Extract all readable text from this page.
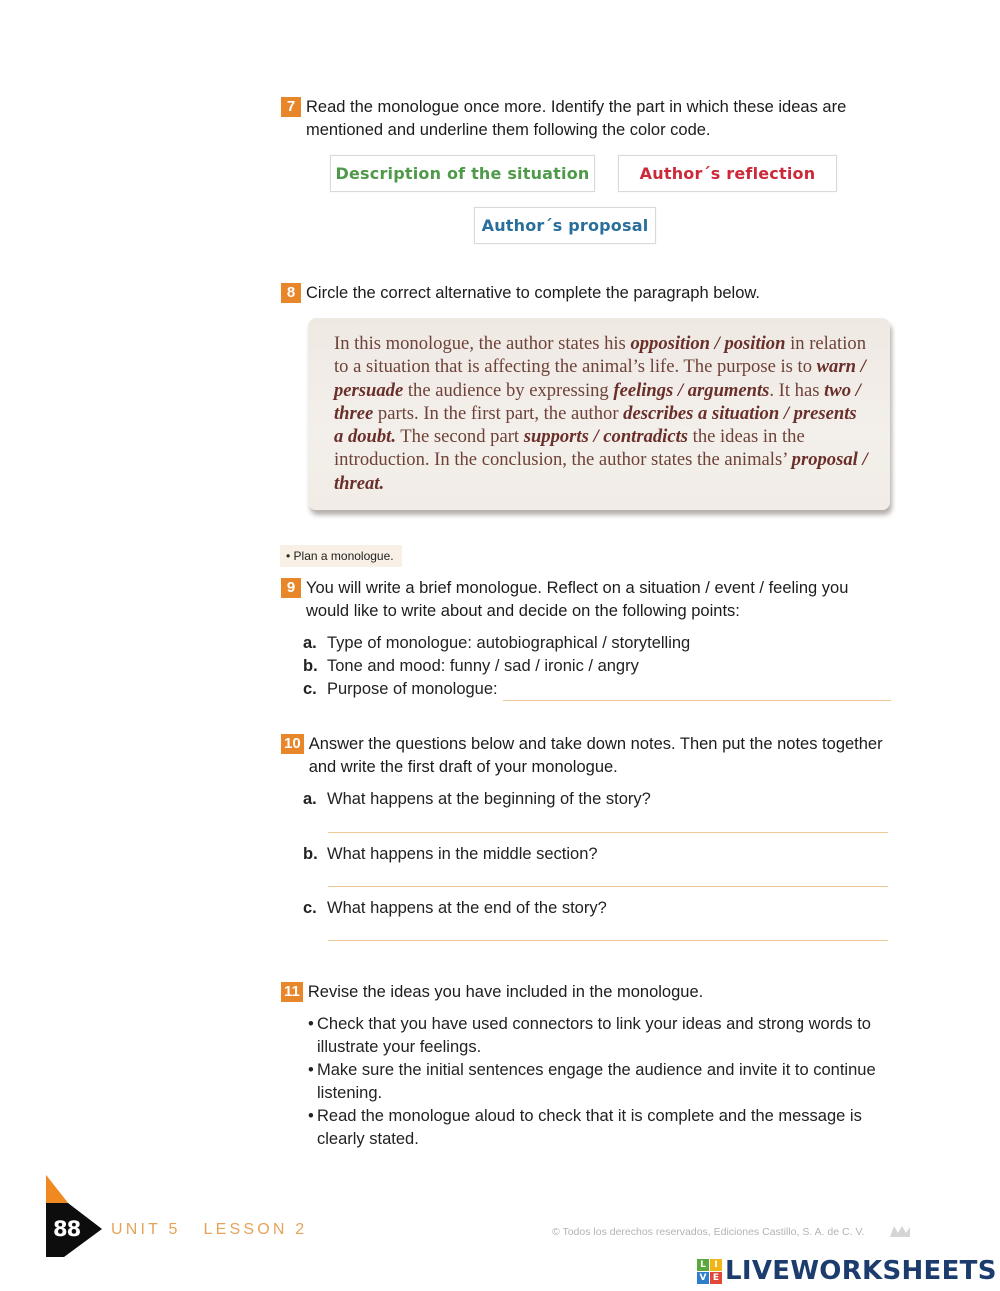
7 Read the monologue once more. Identify the part in which these ideas are mentioned and underline them following the color code.
Description of the situation	Author´s reflection
Author´s proposal
8 Circle the correct alternative to complete the paragraph below.
In this monologue, the author states his opposition / position in relation to a situation that is affecting the animal’s life. The purpose is to warn / persuade the audience by expressing feelings / arguments. It has two / three parts. In the first part, the author describes a situation / presents a doubt. The second part supports / contradicts the ideas in the introduction. In the conclusion, the author states the animals’ proposal / threat.
• Plan a monologue.
9 You will write a brief monologue. Reflect on a situation / event / feeling you would like to write about and decide on the following points:
a. Type of monologue: autobiographical / storytelling
b. Tone and mood: funny / sad / ironic / angry
c. Purpose of monologue:
10 Answer the questions below and take down notes. Then put the notes together and write the first draft of your monologue.
a. What happens at the beginning of the story?
b. What happens in the middle section?
c. What happens at the end of the story?
11 Revise the ideas you have included in the monologue.
• Check that you have used connectors to link your ideas and strong words to illustrate your feelings.
• Make sure the initial sentences engage the audience and invite it to continue listening.
• Read the monologue aloud to check that it is complete and the message is clearly stated.
88 UNIT 5   LESSON 2	© Todos los derechos reservados, Ediciones Castillo, S. A. de C. V.
L I
V E LIVEWORKSHEETS
